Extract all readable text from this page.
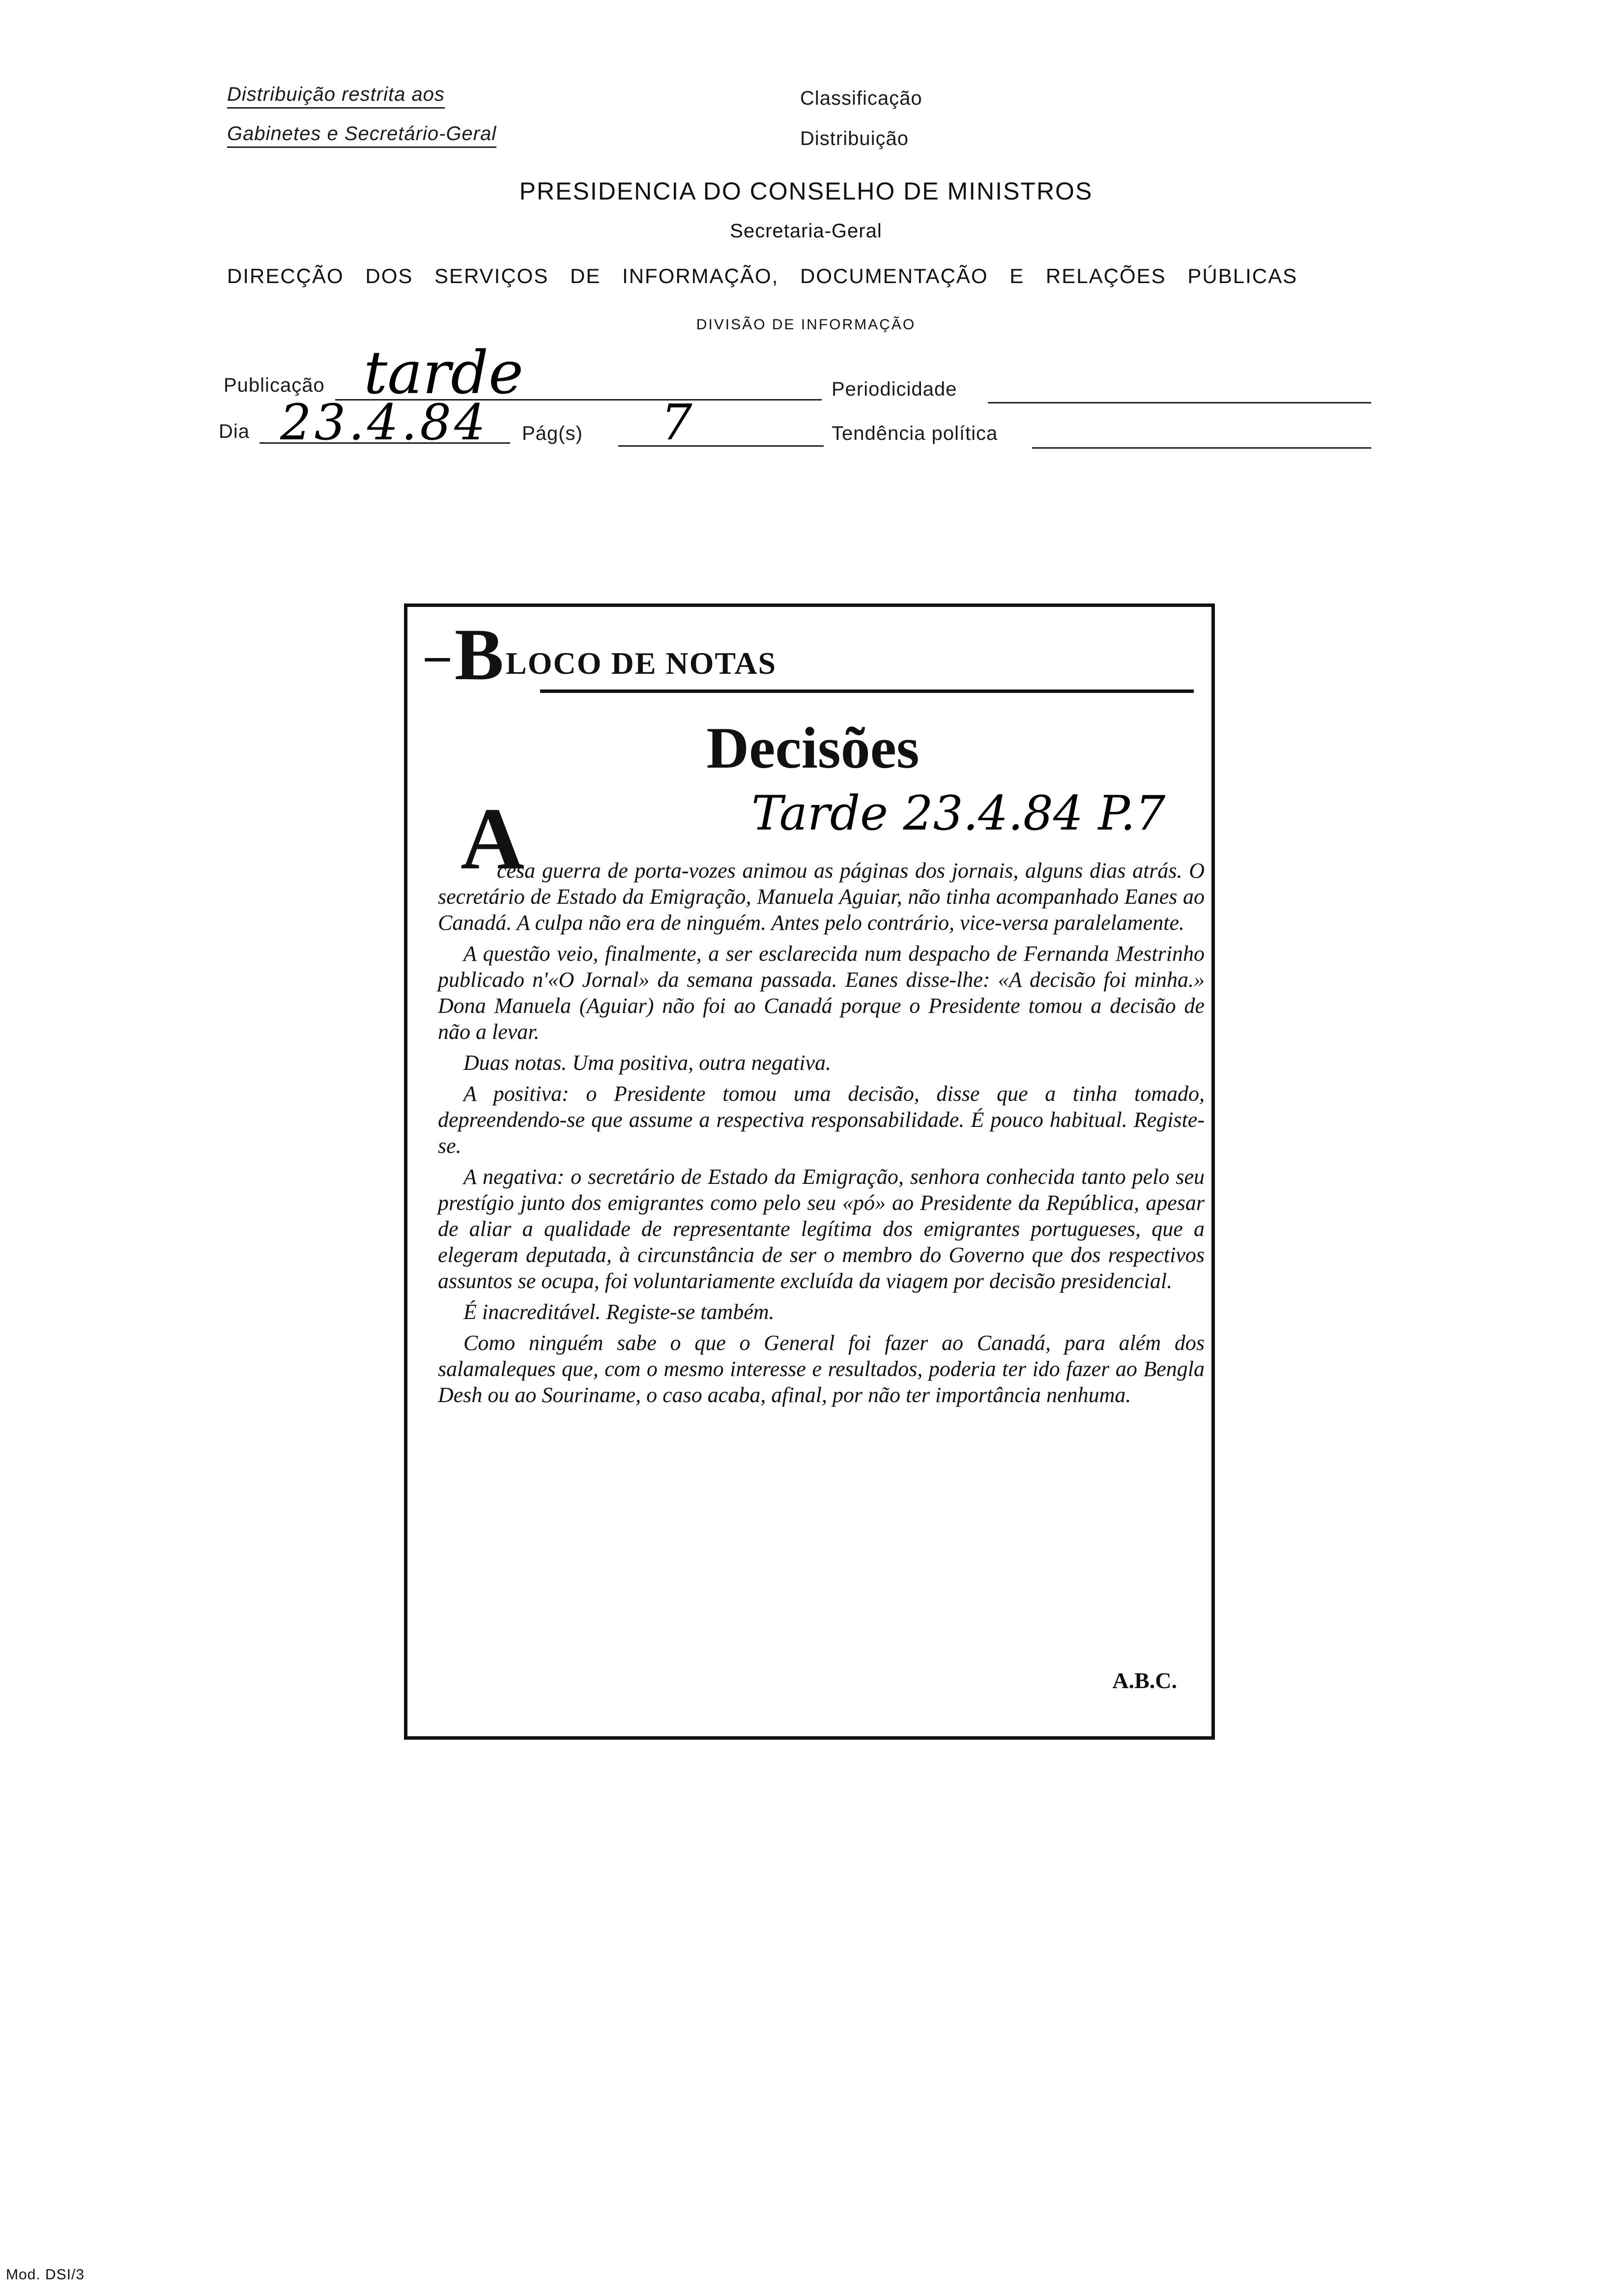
Distribuição restrita aos
Gabinetes e Secretário-Geral
Classificação
Distribuição
PRESIDENCIA DO CONSELHO DE MINISTROS
Secretaria-Geral
DIRECÇÃO DOS SERVIÇOS DE INFORMAÇÃO, DOCUMENTAÇÃO E RELAÇÕES PÚBLICAS
DIVISÃO DE INFORMAÇÃO
Publicação tarde	Periodicidade
Dia 23.4.84 Pág(s) 7	Tendência política
– B LOCO DE NOTAS
Decisões
Tarde 23.4.84 P.7
A

cesa guerra de porta-vozes animou as páginas dos jornais, alguns dias atrás. O secretário de Estado da Emigração, Manuela Aguiar, não tinha acompanhado Eanes ao Canadá. A culpa não era de ninguém. Antes pelo contrário, vice-versa paralelamente.

A questão veio, finalmente, a ser esclarecida num despacho de Fernanda Mestrinho publicado n'«O Jornal» da semana passada. Eanes disse-lhe: «A decisão foi minha.» Dona Manuela (Aguiar) não foi ao Canadá porque o Presidente tomou a decisão de não a levar.

Duas notas. Uma positiva, outra negativa.

A positiva: o Presidente tomou uma decisão, disse que a tinha tomado, depreendendo-se que assume a respectiva responsabilidade. É pouco habitual. Registe-se.

A negativa: o secretário de Estado da Emigração, senhora conhecida tanto pelo seu prestígio junto dos emigrantes como pelo seu «pó» ao Presidente da República, apesar de aliar a qualidade de representante legítima dos emigrantes portugueses, que a elegeram deputada, à circunstância de ser o membro do Governo que dos respectivos assuntos se ocupa, foi voluntariamente excluída da viagem por decisão presidencial.

É inacreditável. Registe-se também.

Como ninguém sabe o que o General foi fazer ao Canadá, para além dos salamaleques que, com o mesmo interesse e resultados, poderia ter ido fazer ao Bengla Desh ou ao Souriname, o caso acaba, afinal, por não ter importância nenhuma.

A.B.C.
Mod. DSI/3
